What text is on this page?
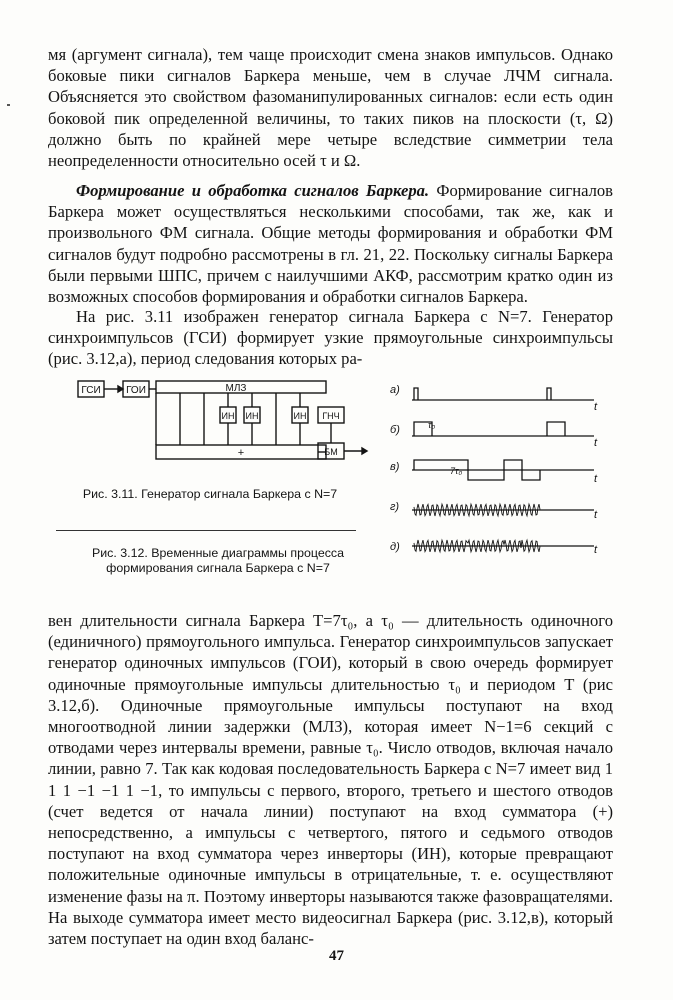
мя (аргумент сигнала), тем чаще происходит смена знаков импульсов. Однако боковые пики сигналов Баркера меньше, чем в случае ЛЧМ сигнала. Объясняется это свойством фазоманипулированных сигналов: если есть один боковой пик определенной величины, то таких пиков на плоскости (τ, Ω) должно быть по крайней мере четыре вследствие симметрии тела неопределенности относительно осей τ и Ω.

Формирование и обработка сигналов Баркера. Формирование сигналов Баркера может осуществляться несколькими способами, так же, как и произвольного ФМ сигнала. Общие методы формирования и обработки ФМ сигналов будут подробно рассмотрены в гл. 21, 22. Поскольку сигналы Баркера были первыми ШПС, причем с наилучшими АКФ, рассмотрим кратко один из возможных способов формирования и обработки сигналов Баркера.

На рис. 3.11 изображен генератор сигнала Баркера с N=7. Генератор синхроимпульсов (ГСИ) формирует узкие прямоугольные синхроимпульсы (рис. 3.12,а), период следования которых ра-

ГСИ	ГОИ	МЛЗ
ИН ИН	ИН
+
ГНЧ
БМ

Рис. 3.11. Генератор сигнала Баркера с N=7

Рис. 3.12. Временные диаграммы процесса формирования сигнала Баркера с N=7

а)
б)
в)
г)
д)
t
t
t
t
t
τ₀
7τ₀

вен длительности сигнала Баркера T=7τ₀, а τ₀ — длительность одиночного (единичного) прямоугольного импульса. Генератор синхроимпульсов запускает генератор одиночных импульсов (ГОИ), который в свою очередь формирует одиночные прямоугольные импульсы длительностью τ₀ и периодом T (рис 3.12,б). Одиночные прямоугольные импульсы поступают на вход многоотводной линии задержки (МЛЗ), которая имеет N−1=6 секций с отводами через интервалы времени, равные τ₀. Число отводов, включая начало линии, равно 7. Так как кодовая последовательность Баркера с N=7 имеет вид 1 1 1 −1 −1 1 −1, то импульсы с первого, второго, третьего и шестого отводов (счет ведется от начала линии) поступают на вход сумматора (+) непосредственно, а импульсы с четвертого, пятого и седьмого отводов поступают на вход сумматора через инверторы (ИН), которые превращают положительные одиночные импульсы в отрицательные, т. е. осуществляют изменение фазы на π. Поэтому инверторы называются также фазовращателями. На выходе сумматора имеет место видеосигнал Баркера (рис. 3.12,в), который затем поступает на один вход баланс-

47
